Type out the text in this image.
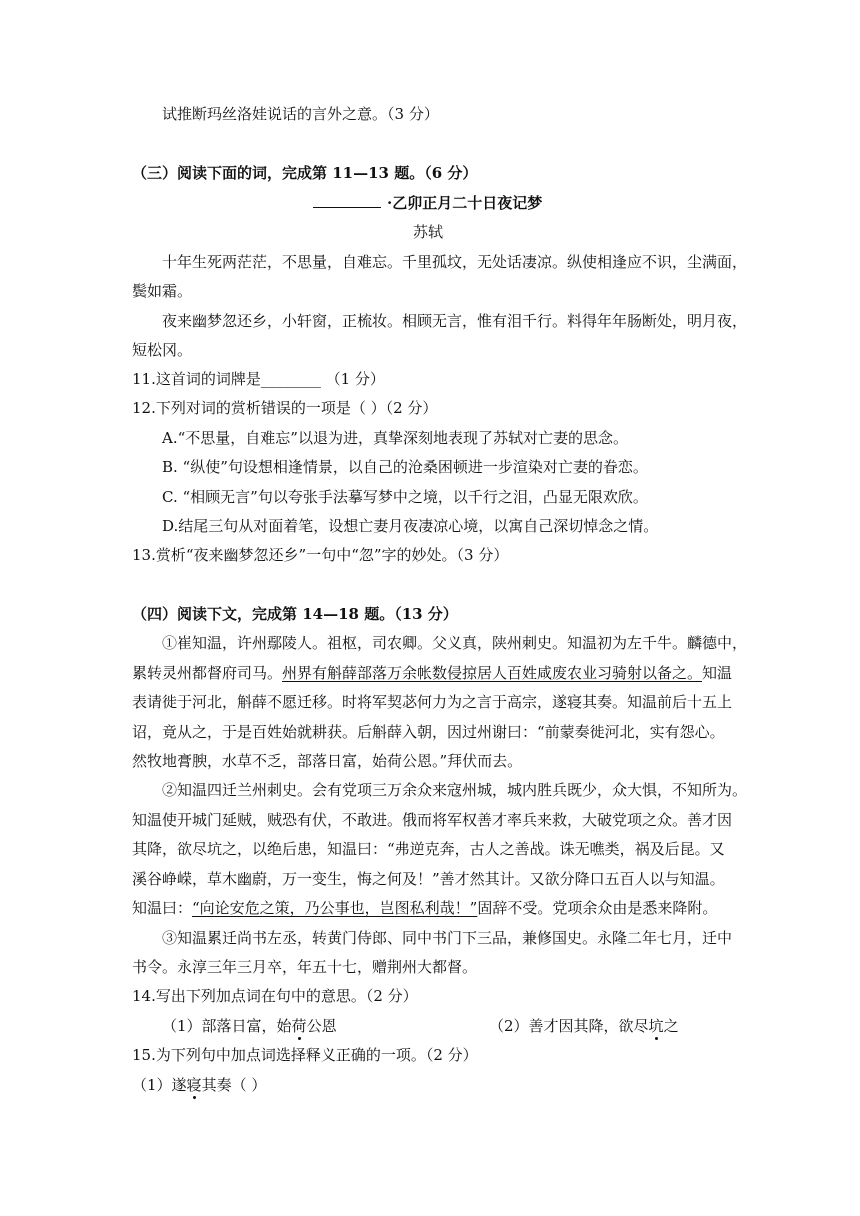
试推断玛丝洛娃说话的言外之意。（3 分）
（三）阅读下面的词，完成第 11—13 题。（6 分）
·乙卯正月二十日夜记梦
苏轼
十年生死两茫茫，不思量，自难忘。千里孤坟，无处话凄凉。纵使相逢应不识，尘满面，
鬓如霜。
夜来幽梦忽还乡，小轩窗，正梳妆。相顾无言，惟有泪千行。料得年年肠断处，明月夜，
短松冈。
11.这首词的词牌是________ （1 分）
12.下列对词的赏析错误的一项是（ ）（2 分）
A.“不思量，自难忘”以退为进，真挚深刻地表现了苏轼对亡妻的思念。
B. “纵使”句设想相逢情景，以自己的沧桑困顿进一步渲染对亡妻的眷恋。
C. “相顾无言”句以夸张手法摹写梦中之境，以千行之泪，凸显无限欢欣。
D.结尾三句从对面着笔，设想亡妻月夜凄凉心境，以寓自己深切悼念之情。
13.赏析“夜来幽梦忽还乡”一句中“忽”字的妙处。（3 分）
（四）阅读下文，完成第 14—18 题。（13 分）
①崔知温，许州鄢陵人。祖枢，司农卿。父义真，陕州刺史。知温初为左千牛。麟德中，
累转灵州都督府司马。州界有斛薛部落万余帐数侵掠居人百姓咸废农业习骑射以备之。知温
表请徙于河北，斛薛不愿迁移。时将军契苾何力为之言于高宗，遂寝其奏。知温前后十五上
诏，竟从之，于是百姓始就耕获。后斛薛入朝，因过州谢曰：“前蒙奏徙河北，实有怨心。
然牧地膏腴，水草不乏，部落日富，始荷公恩。”拜伏而去。
②知温四迁兰州刺史。会有党项三万余众来寇州城，城内胜兵既少，众大惧，不知所为。
知温使开城门延贼，贼恐有伏，不敢进。俄而将军权善才率兵来救，大破党项之众。善才因
其降，欲尽坑之，以绝后患，知温曰：“弗逆克奔，古人之善战。诛无噍类，祸及后昆。又
溪谷峥嵘，草木幽蔚，万一变生，悔之何及！”善才然其计。又欲分降口五百人以与知温。
知温曰：“向论安危之策，乃公事也，岂图私利哉！”固辞不受。党项余众由是悉来降附。
③知温累迁尚书左丞，转黄门侍郎、同中书门下三品，兼修国史。永隆二年七月，迁中
书令。永淳三年三月卒，年五十七，赠荆州大都督。
14.写出下列加点词在句中的意思。（2 分）
（1）部落日富，始荷公恩	（2）善才因其降，欲尽坑之
15.为下列句中加点词选择释义正确的一项。（2 分）
（1）遂寝其奏（ ）
